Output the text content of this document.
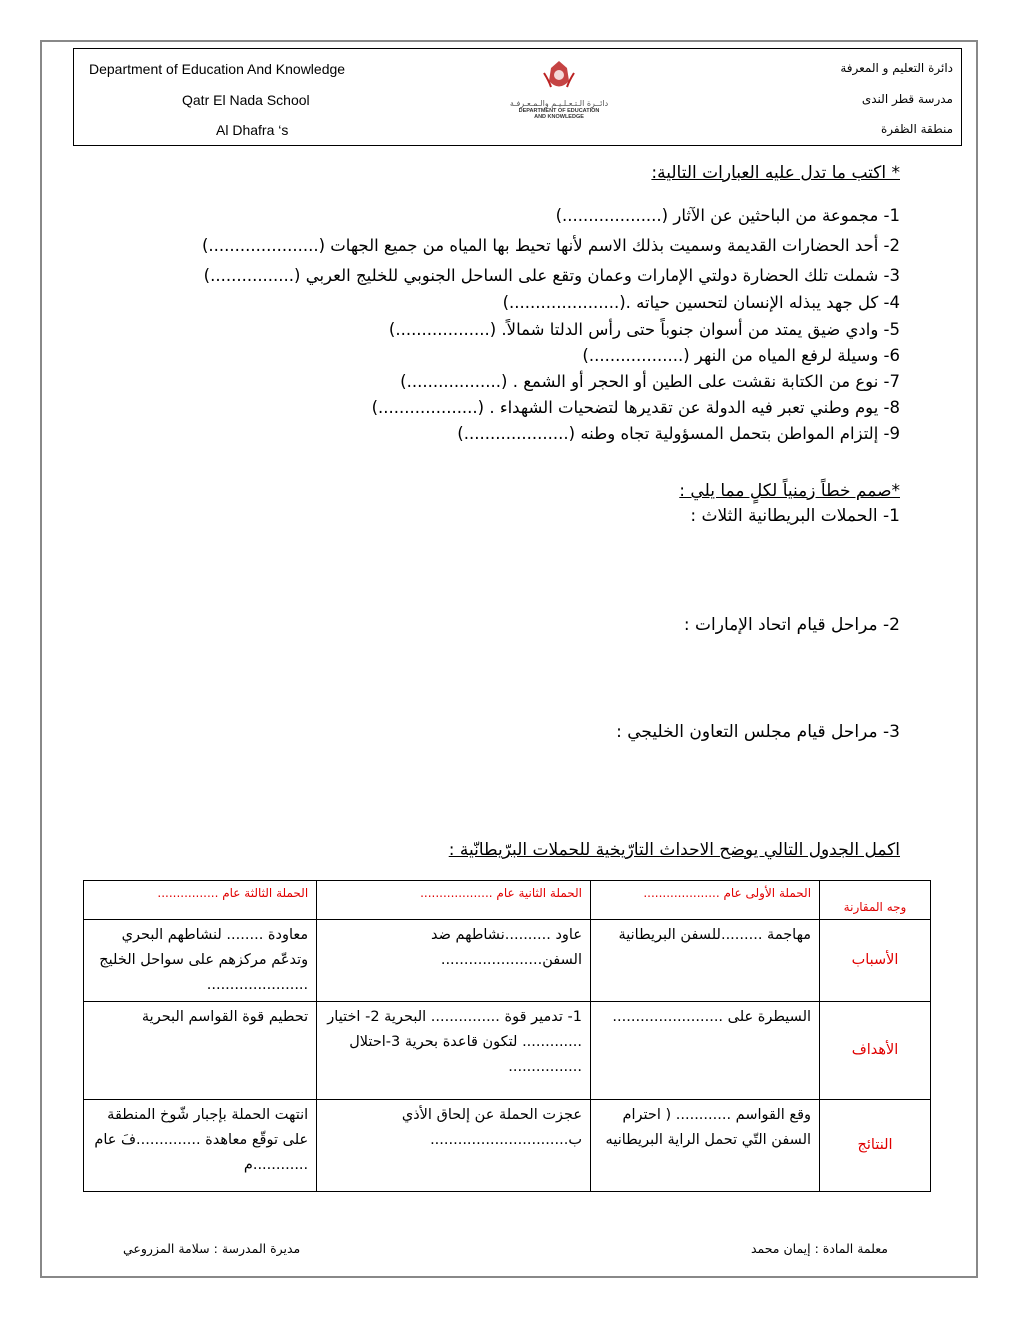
Department of Education And Knowledge
Qatr El Nada School
Al Dhafra ‘s
دائــرة الـتـعـلـيـم والـمـعـرفـة
DEPARTMENT OF EDUCATION
AND KNOWLEDGE
دائرة التعليم و المعرفة
مدرسة قطر الندى
منطقة الظفرة
* اكتب ما تدل عليه العبارات التالية:
1- مجموعة من الباحثين عن الآثار (...................)
2- أحد الحضارات القديمة وسميت بذلك الاسم لأنها تحيط بها المياه من جميع الجهات (.....................)
3- شملت تلك الحضارة دولتي الإمارات وعمان وتقع على الساحل الجنوبي للخليج العربي (................)
4- كل جهد يبذله الإنسان لتحسين حياته .(.....................)
5- وادي ضيق يمتد من أسوان جنوباً حتى رأس الدلتا شمالاً. (..................)
6- وسيلة لرفع المياه من النهر (..................)
7- نوع من الكتابة نقشت على الطين أو الحجر أو الشمع . (..................)
8- يوم وطني تعبر فيه الدولة عن تقديرها لتضحيات الشهداء . (...................)
9- إلتزام المواطن بتحمل المسؤولية تجاه وطنه (....................)
*صمم خطاً زمنياً لكلٍ مما يلي :
1- الحملات البريطانية الثلاث :
2- مراحل قيام اتحاد الإمارات :
3- مراحل قيام مجلس التعاون الخليجي :
اكمل الجدول التالي يوضح الاحداث التارّيخية للحملات البرّيطانّية :
وجه المقارنة	الحملة الأولى عام ....................	الحملة الثانية عام ...................	الحملة الثالثة عام ................
الأسباب	مهاجمة .........للسفن البريطانية	عاود ..........نشاطهم ضد السفن......................	معاودة ........ لنشاطهم البحري وتدعّم مركزهم على سواحل الخليج ......................
الأهداف	السيطرة على ........................	1- تدمير قوة ............... البحرية 2- اختيار ............. لتكون قاعدة بحرية 3-احتلال ................	تحطيم قوة القواسم البحرية
النتائج	وقع القواسم ............ ( احترام السفن التّي تحمل الراية البريطانيه	عجزت الحملة عن إلحاق الأذي ب..............................	انتهت الحملة بإجبار شّوخ المنطقة على توقّع معاهدة ..............فَ عام ............م
معلمة المادة : إيمان محمد
مديرة المدرسة : سلامة المزروعي
